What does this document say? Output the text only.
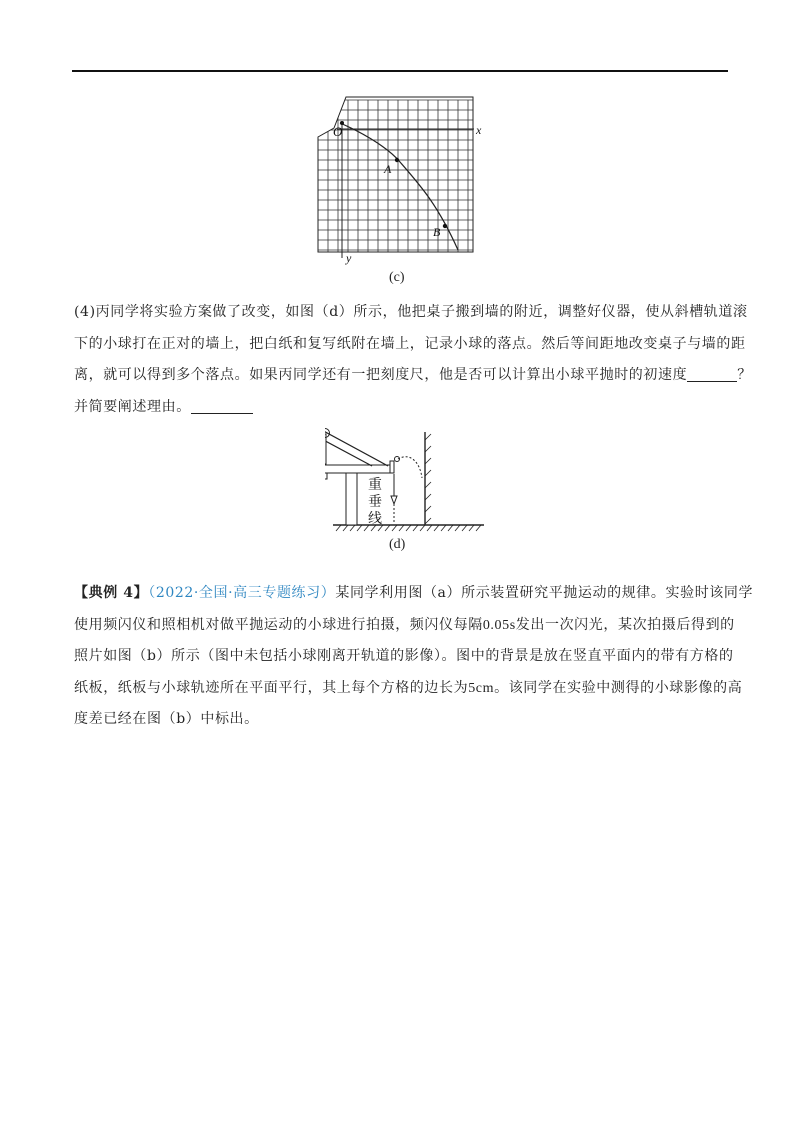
O
A
B
x
y
(c)
(4)丙同学将实验方案做了改变，如图（d）所示，他把桌子搬到墙的附近，调整好仪器，使从斜槽轨道滚
下的小球打在正对的墙上，把白纸和复写纸附在墙上，记录小球的落点。然后等间距地改变桌子与墙的距
离，就可以得到多个落点。如果丙同学还有一把刻度尺，他是否可以计算出小球平抛时的初速度	？
并简要阐述理由。
重
垂
线
(d)
【典例 4】（2022·全国·高三专题练习）某同学利用图（a）所示装置研究平抛运动的规律。实验时该同学
使用频闪仪和照相机对做平抛运动的小球进行拍摄，频闪仪每隔0.05s发出一次闪光，某次拍摄后得到的
照片如图（b）所示（图中未包括小球刚离开轨道的影像）。图中的背景是放在竖直平面内的带有方格的
纸板，纸板与小球轨迹所在平面平行，其上每个方格的边长为5cm。该同学在实验中测得的小球影像的高
度差已经在图（b）中标出。
